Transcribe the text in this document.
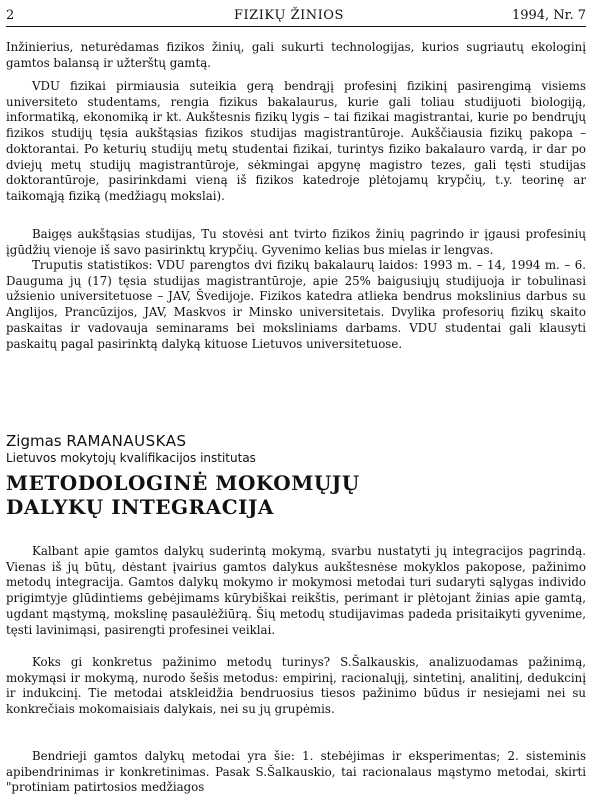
2	FIZIKŲ ŽINIOS	1994, Nr. 7

Inžinierius, neturėdamas fizikos žinių, gali sukurti technologijas, kurios sugriautų ekologinį gamtos balansą ir užterštų gamtą.

VDU fizikai pirmiausia suteikia gerą bendrąjį profesinį fizikinį pasirengimą visiems universiteto studentams, rengia fizikus bakalaurus, kurie gali toliau studijuoti biologiją, informatiką, ekonomiką ir kt. Aukštesnis fizikų lygis – tai fizikai magistrantai, kurie po bendrųjų fizikos studijų tęsia aukštąsias fizikos studijas magistrantūroje. Aukščiausia fizikų pakopa – doktorantai. Po keturių studijų metų studentai fizikai, turintys fiziko bakalauro vardą, ir dar po dviejų metų studijų magistrantūroje, sėkmingai apgynę magistro tezes, gali tęsti studijas doktorantūroje, pasirinkdami vieną iš fizikos katedroje plėtojamų krypčių, t.y. teorinę ar taikomąją fiziką (medžiagų mokslai).

Baigęs aukštąsias studijas, Tu stovėsi ant tvirto fizikos žinių pagrindo ir įgausi profesinių įgūdžių vienoje iš savo pasirinktų krypčių. Gyvenimo kelias bus mielas ir lengvas.

Truputis statistikos: VDU parengtos dvi fizikų bakalaurų laidos: 1993 m. – 14, 1994 m. – 6. Dauguma jų (17) tęsia studijas magistrantūroje, apie 25% baigusiųjų studijuoja ir tobulinasi užsienio universitetuose – JAV, Švedijoje. Fizikos katedra atlieka bendrus mokslinius darbus su Anglijos, Prancūzijos, JAV, Maskvos ir Minsko universitetais. Dvylika profesorių fizikų skaito paskaitas ir vadovauja seminarams bei moksliniams darbams. VDU studentai gali klausyti paskaitų pagal pasirinktą dalyką kituose Lietuvos universitetuose.

Zigmas RAMANAUSKAS
Lietuvos mokytojų kvalifikacijos institutas
METODOLOGINĖ MOKOMŲJŲ
DALYKŲ INTEGRACIJA

Kalbant apie gamtos dalykų suderintą mokymą, svarbu nustatyti jų integracijos pagrindą. Vienas iš jų būtų, dėstant įvairius gamtos dalykus aukštesnėse mokyklos pakopose, pažinimo metodų integracija. Gamtos dalykų mokymo ir mokymosi metodai turi sudaryti sąlygas individo prigimtyje glūdintiems gebėjimams kūrybiškai reikštis, perimant ir plėtojant žinias apie gamtą, ugdant mąstymą, mokslinę pasaulėžiūrą. Šių metodų studijavimas padeda prisitaikyti gyvenime, tęsti lavinimąsi, pasirengti profesinei veiklai.

Koks gi konkretus pažinimo metodų turinys? S.Šalkauskis, analizuodamas pažinimą, mokymąsi ir mokymą, nurodo šešis metodus: empirinį, racionalųjį, sintetinį, analitinį, dedukcinį ir indukcinį. Tie metodai atskleidžia bendruosius tiesos pažinimo būdus ir nesiejami nei su konkrečiais mokomaisiais dalykais, nei su jų grupėmis.

Bendrieji gamtos dalykų metodai yra šie: 1. stebėjimas ir eksperimentas; 2. sisteminis apibendrinimas ir konkretinimas. Pasak S.Šalkauskio, tai racionalaus mąstymo metodai, skirti "protiniam patirtosios medžiagos
